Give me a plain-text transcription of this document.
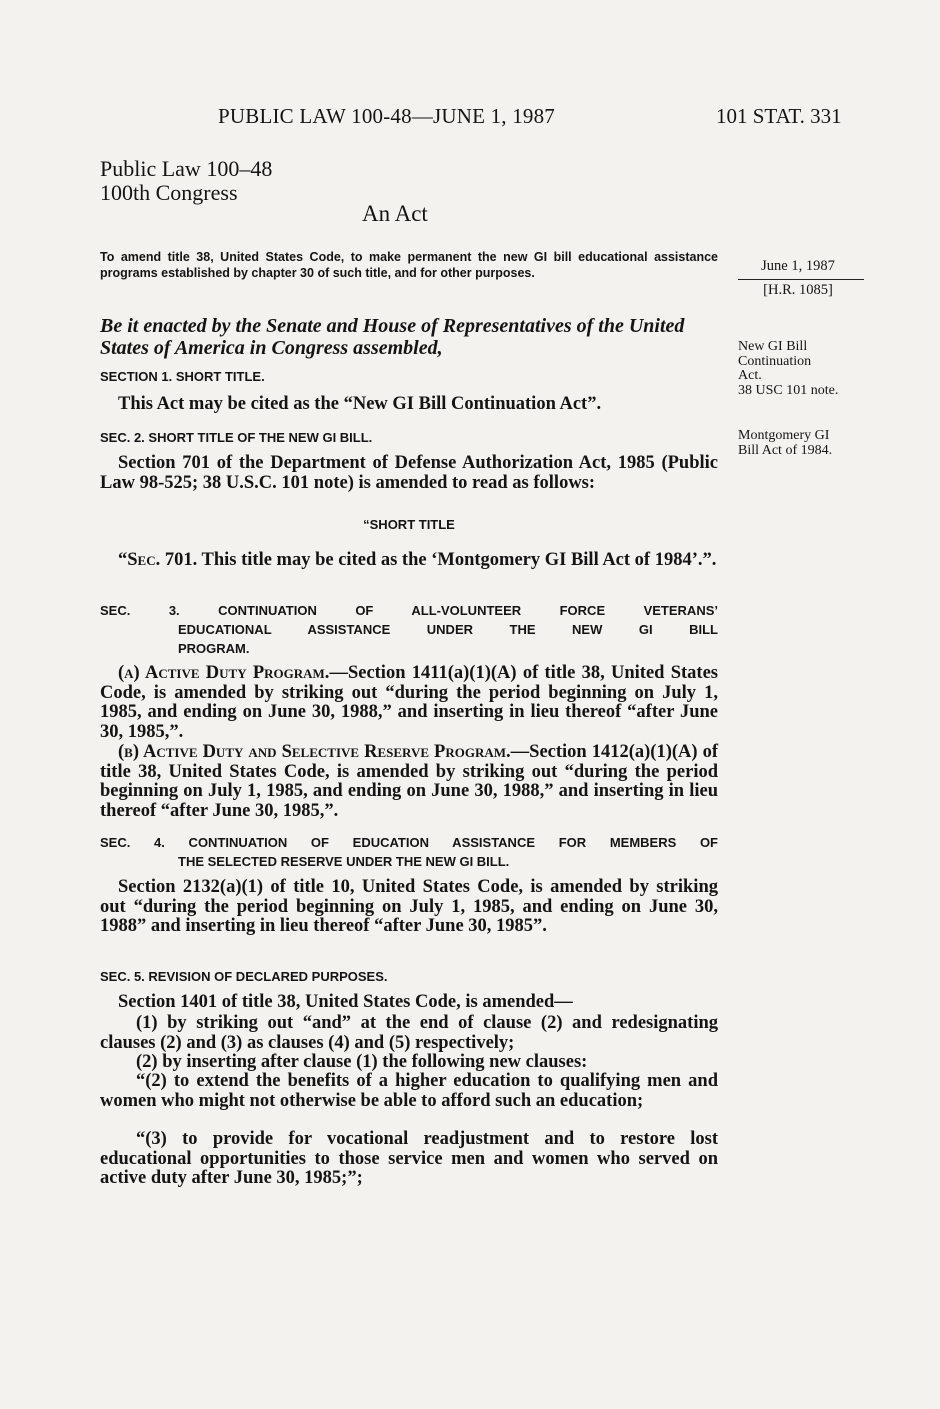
PUBLIC LAW 100-48—JUNE 1, 1987	101 STAT. 331
Public Law 100–48
100th Congress
An Act
To amend title 38, United States Code, to make permanent the new GI bill educational assistance programs established by chapter 30 of such title, and for other purposes.	June 1, 1987
[H.R. 1085]
New GI Bill
Continuation
Act.
38 USC 101 note.
Montgomery GI
Bill Act of 1984.
Be it enacted by the Senate and House of Representatives of the United States of America in Congress assembled,
SECTION 1. SHORT TITLE.
This Act may be cited as the “New GI Bill Continuation Act”.
SEC. 2. SHORT TITLE OF THE NEW GI BILL.
Section 701 of the Department of Defense Authorization Act, 1985 (Public Law 98-525; 38 U.S.C. 101 note) is amended to read as follows:
“SHORT TITLE
“Sec. 701. This title may be cited as the ‘Montgomery GI Bill Act of 1984’.”.
SEC. 3. CONTINUATION OF ALL-VOLUNTEER FORCE VETERANS’
EDUCATIONAL ASSISTANCE UNDER THE NEW GI BILL
PROGRAM.
(a) Active Duty Program.—Section 1411(a)(1)(A) of title 38, United States Code, is amended by striking out “during the period beginning on July 1, 1985, and ending on June 30, 1988,” and inserting in lieu thereof “after June 30, 1985,”.
(b) Active Duty and Selective Reserve Program.—Section 1412(a)(1)(A) of title 38, United States Code, is amended by striking out “during the period beginning on July 1, 1985, and ending on June 30, 1988,” and inserting in lieu thereof “after June 30, 1985,”.
SEC. 4. CONTINUATION OF EDUCATION ASSISTANCE FOR MEMBERS OF
THE SELECTED RESERVE UNDER THE NEW GI BILL.
Section 2132(a)(1) of title 10, United States Code, is amended by striking out “during the period beginning on July 1, 1985, and ending on June 30, 1988” and inserting in lieu thereof “after June 30, 1985”.
SEC. 5. REVISION OF DECLARED PURPOSES.
Section 1401 of title 38, United States Code, is amended—
(1) by striking out “and” at the end of clause (2) and redesignating clauses (2) and (3) as clauses (4) and (5) respectively;
(2) by inserting after clause (1) the following new clauses:
“(2) to extend the benefits of a higher education to qualifying men and women who might not otherwise be able to afford such an education;
“(3) to provide for vocational readjustment and to restore lost educational opportunities to those service men and women who served on active duty after June 30, 1985;”;
